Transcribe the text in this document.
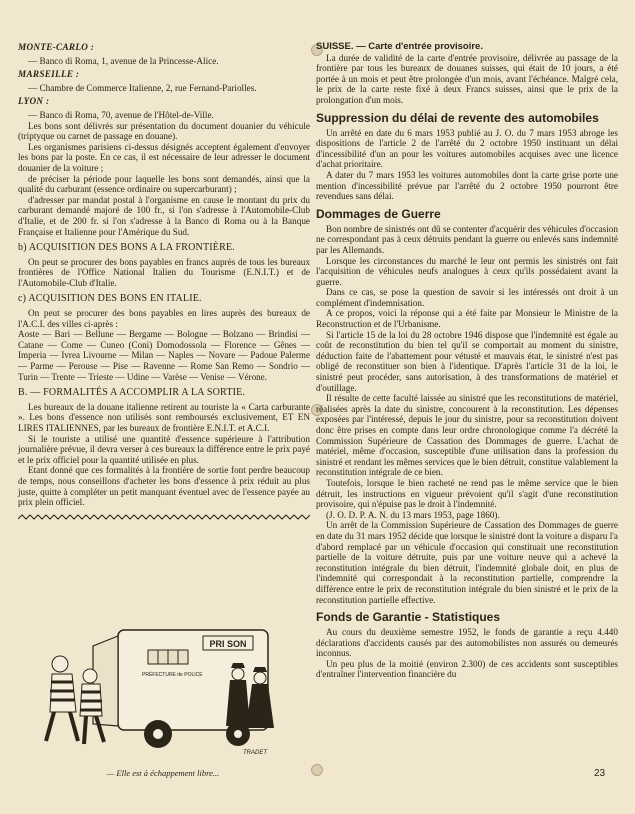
MONTE-CARLO :

— Banco di Roma, 1, avenue de la Princesse-Alice.

MARSEILLE :

— Chambre de Commerce Italienne, 2, rue Fernand-Pariolles.

LYON :

— Banco di Roma, 70, avenue de l'Hôtel-de-Ville.

Les bons sont délivrés sur présentation du document douanier du véhicule (triptyque ou carnet de passage en douane).

Les organismes parisiens ci-dessus désignés acceptent également d'envoyer les bons par la poste. En ce cas, il est nécessaire de leur adresser le document douanier de la voiture ;

de préciser la période pour laquelle les bons sont demandés, ainsi que la qualité du carburant (essence ordinaire ou supercarburant) ;

d'adresser par mandat postal à l'organisme en cause le montant du prix du carburant demandé majoré de 100 fr., si l'on s'adresse à l'Automobile-Club d'Italie, et de 200 fr. si l'on s'adresse à la Banco di Roma ou à la Banque Française et Italienne pour l'Amérique du Sud.

b) ACQUISITION DES BONS A LA FRONTIÈRE.

On peut se procurer des bons payables en francs auprès de tous les bureaux frontières de l'Office National Italien du Tourisme (E.N.I.T.) et de l'Automobile-Club d'Italie.

c) ACQUISITION DES BONS EN ITALIE.

On peut se procurer des bons payables en lires auprès des bureaux de l'A.C.I. des villes ci-après :

Aoste — Bari — Bellune — Bergame — Bologne — Bolzano — Brindisi — Catane — Come — Cuneo (Coni) Domodossola — Florence — Gênes — Imperia — Ivrea Livourne — Milan — Naples — Novare — Padoue Palerme — Parme — Perouse — Pise — Ravenne — Rome San Remo — Sondrio — Turin — Trente — Trieste — Udine — Varèse — Venise — Vérone.

B. — FORMALITÉS A ACCOMPLIR A LA SORTIE.

Les bureaux de la douane italienne retirent au touriste la « Carta carburante ». Les bons d'essence non utilisés sont remboursés exclusivement, ET EN LIRES ITALIENNES, par les bureaux de frontière E.N.I.T. et A.C.I.

Si le touriste a utilisé une quantité d'essence supérieure à l'attribution journalière prévue, il devra verser à ces bureaux la différence entre le prix payé et le prix officiel pour la quantité utilisée en plus.

Etant donné que ces formalités à la frontière de sortie font perdre beaucoup de temps, nous conseillons d'acheter les bons d'essence à prix réduit au plus juste, quitte à compléter un petit manquant éventuel avec de l'essence payée au prix plein officiel.

PRI SON
PRÉFECTURE de POLICE
TRADET
— Elle est à échappement libre...
SUISSE. — Carte d'entrée provisoire.

La durée de validité de la carte d'entrée provisoire, délivrée au passage de la frontière par tous les bureaux de douanes suisses, qui était de 10 jours, a été portée à un mois et peut être prolongée d'un mois, avant l'échéance. Malgré cela, le prix de la carte reste fixé à deux Francs suisses, ainsi que le prix de la prolongation d'un mois.

Suppression du délai de revente des automobiles

Un arrêté en date du 6 mars 1953 publié au J. O. du 7 mars 1953 abroge les dispositions de l'article 2 de l'arrêté du 2 octobre 1950 instituant un délai d'incessibilité d'un an pour les voitures automobiles acquises avec une licence d'achat prioritaire.

A dater du 7 mars 1953 les voitures automobiles dont la carte grise porte une mention d'incessibilité prévue par l'arrêté du 2 octobre 1950 pourront être revendues sans délai.

Dommages de Guerre

Bon nombre de sinistrés ont dû se contenter d'acquérir des véhicules d'occasion ne correspondant pas à ceux détruits pendant la guerre ou enlevés sans indemnité par les Allemands.

Lorsque les circonstances du marché le leur ont permis les sinistrés ont fait l'acquisition de véhicules neufs analogues à ceux qu'ils possédaient avant la guerre.

Dans ce cas, se pose la question de savoir si les intéressés ont droit à un complément d'indemnisation.

A ce propos, voici la réponse qui a été faite par Monsieur le Ministre de la Reconstruction et de l'Urbanisme.

Si l'article 15 de la loi du 28 octobre 1946 dispose que l'indemnité est égale au coût de reconstitution du bien tel qu'il se comportait au moment du sinistre, déduction faite de l'abattement pour vétusté et mauvais état, le sinistré n'est pas obligé de reconstituer son bien à l'identique. D'après l'article 31 de la loi, le sinistré peut procéder, sans autorisation, à des transformations de matériel et d'outillage.

Il résulte de cette faculté laissée au sinistré que les reconstitutions de matériel, réalisées après la date du sinistre, concourent à la reconstitution. Les dépenses exposées par l'intéressé, depuis le jour du sinistre, pour sa reconstitution doivent donc être prises en compte dans leur ordre chronologique comme l'a décrété la Commission Supérieure de Cassation des Dommages de guerre. L'achat de matériel, même d'occasion, susceptible d'une utilisation dans la profession du sinistré et rendant les mêmes services que le bien détruit, constitue valablement la reconstitution intégrale de ce bien.

Toutefois, lorsque le bien racheté ne rend pas le même service que le bien détruit, les instructions en vigueur prévoient qu'il s'agit d'une reconstitution provisoire, qui n'épuise pas le droit à l'indemnité.

(J. O. D. P. A. N. du 13 mars 1953, page 1860).

Un arrêt de la Commission Supérieure de Cassation des Dommages de guerre en date du 31 mars 1952 décide que lorsque le sinistré dont la voiture a disparu l'a d'abord remplacé par un véhicule d'occasion qui constituait une reconstitution partielle de la voiture détruite, puis par une voiture neuve qui a achevé la reconstitution intégrale du bien détruit, l'indemnité globale doit, en plus de l'indemnité qui correspondait à la reconstitution partielle, comprendre la différence entre le prix de reconstitution intégrale du bien sinistré et le prix de la reconstitution partielle effective.

Fonds de Garantie - Statistiques

Au cours du deuxième semestre 1952, le fonds de garantie a reçu 4.440 déclarations d'accidents causés par des automobilistes non assurés ou demeurés inconnus.

Un peu plus de la moitié (environ 2.300) de ces accidents sont susceptibles d'entraîner l'intervention financière du

23
